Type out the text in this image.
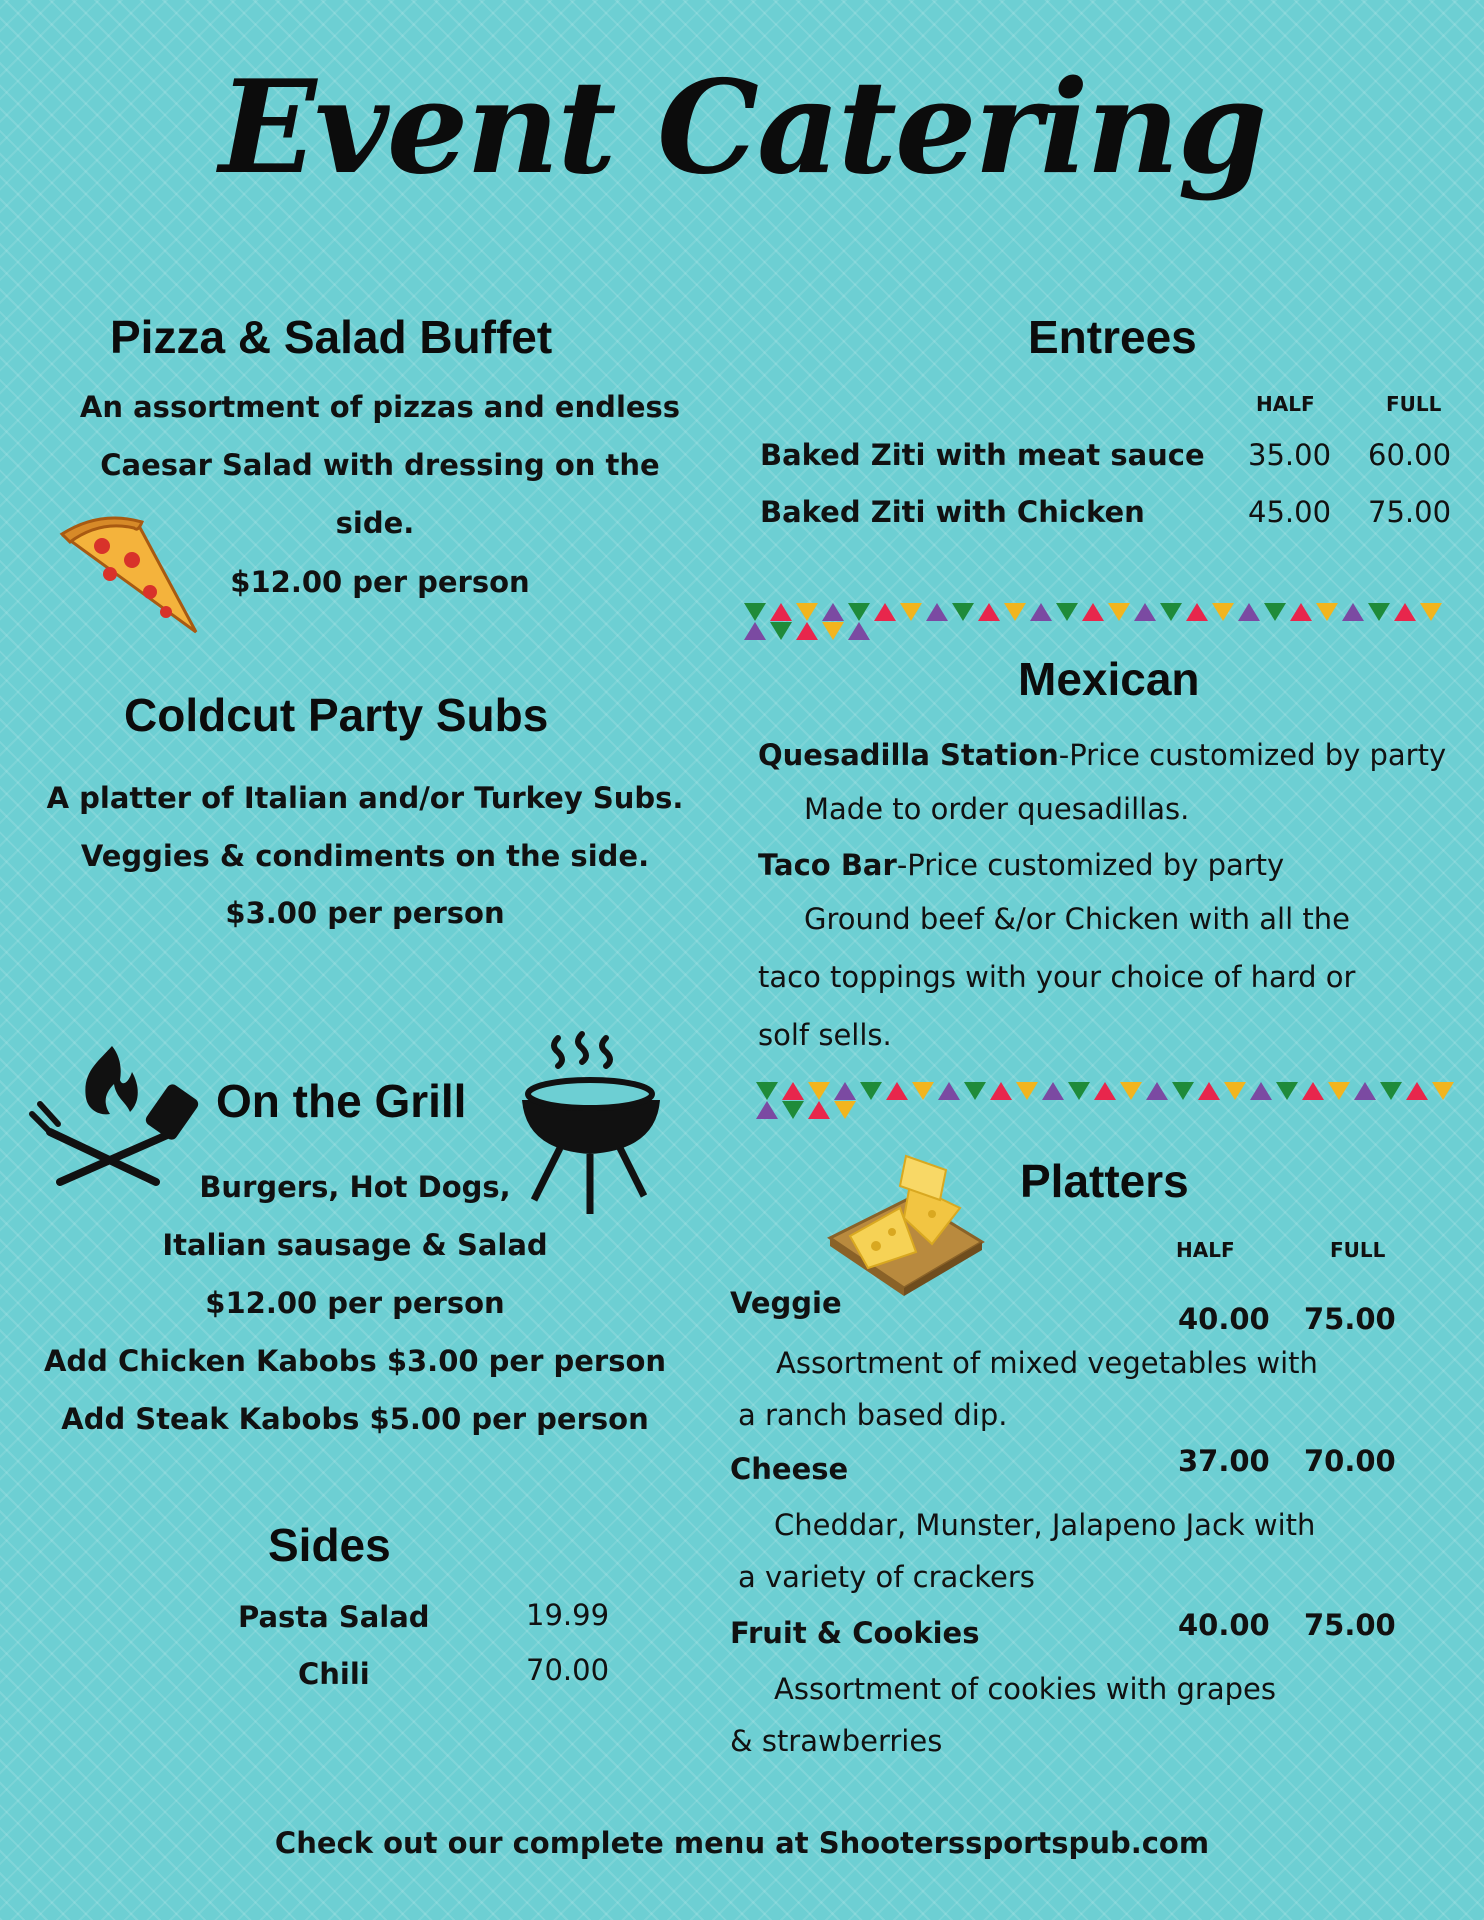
Event Catering
Pizza & Salad Buffet
An assortment of pizzas and endless
Caesar Salad with dressing on the
side.
$12.00 per person
Coldcut Party Subs
A platter of Italian and/or Turkey Subs.
Veggies & condiments on the side.
$3.00 per person
On the Grill
Burgers, Hot Dogs,
Italian sausage & Salad
$12.00 per person
Add Chicken Kabobs $3.00 per person
Add Steak Kabobs $5.00 per person
Sides
Pasta Salad	19.99
Chili	70.00
Entrees
HALF	FULL
Baked Ziti with meat sauce 35.00 60.00
Baked Ziti with Chicken	45.00 75.00
Mexican
Quesadilla Station-Price customized by party
Made to order quesadillas.
Taco Bar-Price customized by party
Ground beef &/or Chicken with all the
taco toppings with your choice of hard or
solf sells.
Platters
HALF	FULL
Veggie	40.00 75.00
Assortment of mixed vegetables with
a ranch based dip.
Cheese	37.00 70.00
Cheddar, Munster, Jalapeno Jack with
a variety of crackers
Fruit & Cookies	40.00 75.00
Assortment of cookies with grapes
& strawberries
Check out our complete menu at Shooterssportspub.com
